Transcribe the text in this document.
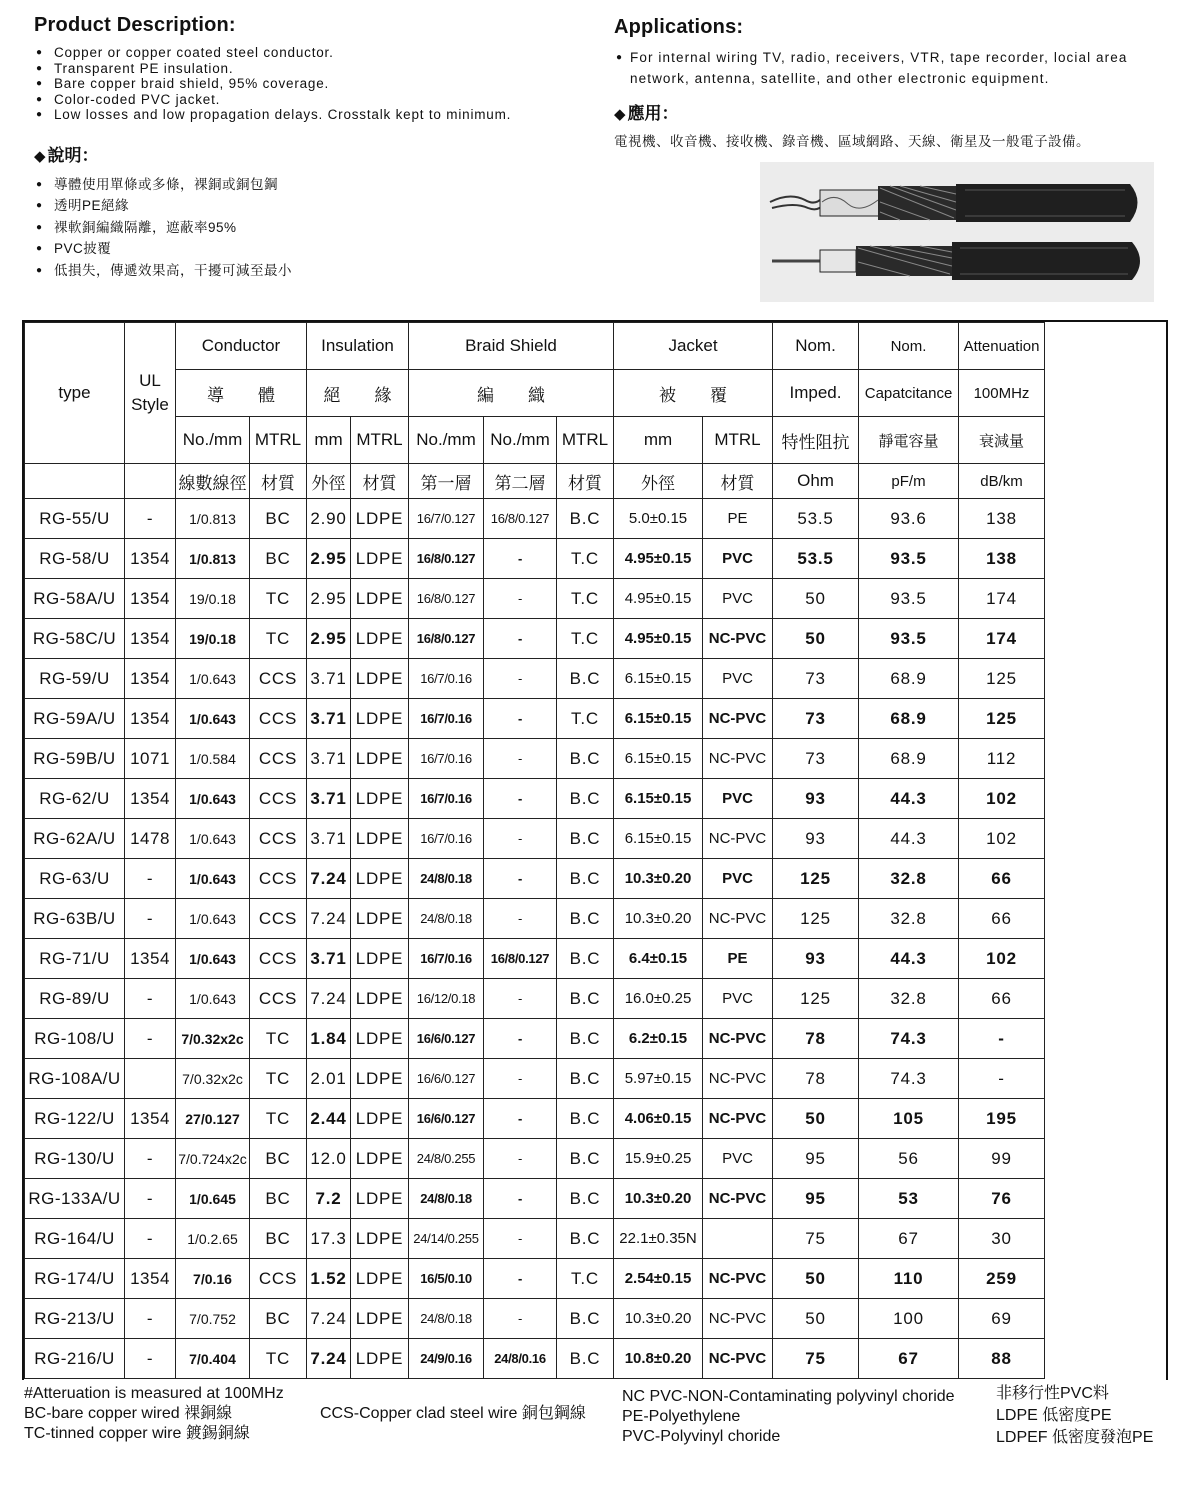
Product Description:
● Copper or copper coated steel conductor.
● Transparent PE insulation.
● Bare copper braid shield, 95% coverage.
● Color-coded PVC jacket.
● Low losses and low propagation delays. Crosstalk kept to minimum.
◆ 說明：
● 導體使用單條或多條，裸銅或銅包鋼
● 透明PE絕緣
● 裸軟銅編織隔離，遮蔽率95%
● PVC披覆
● 低損失，傳遞效果高，干擾可減至最小
Applications:
● For internal wiring TV, radio, receivers, VTR, tape recorder, locial area network, antenna, satellite, and other electronic equipment.
◆ 應用：
電視機、收音機、接收機、錄音機、區域網路、天線、衛星及一般電子設備。
type	UL Style	Conductor		Insulation		Braid Shield			Jacket		Nom.	Nom.	Attenuation
		導　　體		絕　　緣		編　　織			被　　覆		Imped.	Capatcitance	100MHz
		No./mm	MTRL	mm	MTRL	No./mm	No./mm	MTRL	mm	MTRL	特性阻抗	靜電容量	衰減量
		線數線徑	材質	外徑	材質	第一層	第二層	材質	外徑	材質	Ohm	pF/m	dB/km
RG-55/U	-	1/0.813	BC	2.90	LDPE	16/7/0.127	16/8/0.127	B.C	5.0±0.15	PE	53.5	93.6	138
RG-58/U	1354	1/0.813	BC	2.95	LDPE	16/8/0.127	-	T.C	4.95±0.15	PVC	53.5	93.5	138
RG-58A/U	1354	19/0.18	TC	2.95	LDPE	16/8/0.127	-	T.C	4.95±0.15	PVC	50	93.5	174
RG-58C/U	1354	19/0.18	TC	2.95	LDPE	16/8/0.127	-	T.C	4.95±0.15	NC-PVC	50	93.5	174
RG-59/U	1354	1/0.643	CCS	3.71	LDPE	16/7/0.16	-	B.C	6.15±0.15	PVC	73	68.9	125
RG-59A/U	1354	1/0.643	CCS	3.71	LDPE	16/7/0.16	-	T.C	6.15±0.15	NC-PVC	73	68.9	125
RG-59B/U	1071	1/0.584	CCS	3.71	LDPE	16/7/0.16	-	B.C	6.15±0.15	NC-PVC	73	68.9	112
RG-62/U	1354	1/0.643	CCS	3.71	LDPE	16/7/0.16	-	B.C	6.15±0.15	PVC	93	44.3	102
RG-62A/U	1478	1/0.643	CCS	3.71	LDPE	16/7/0.16	-	B.C	6.15±0.15	NC-PVC	93	44.3	102
RG-63/U	-	1/0.643	CCS	7.24	LDPE	24/8/0.18	-	B.C	10.3±0.20	PVC	125	32.8	66
RG-63B/U	-	1/0.643	CCS	7.24	LDPE	24/8/0.18	-	B.C	10.3±0.20	NC-PVC	125	32.8	66
RG-71/U	1354	1/0.643	CCS	3.71	LDPE	16/7/0.16	16/8/0.127	B.C	6.4±0.15	PE	93	44.3	102
RG-89/U	-	1/0.643	CCS	7.24	LDPE	16/12/0.18	-	B.C	16.0±0.25	PVC	125	32.8	66
RG-108/U	-	7/0.32x2c	TC	1.84	LDPE	16/6/0.127	-	B.C	6.2±0.15	NC-PVC	78	74.3	-
RG-108A/U		7/0.32x2c	TC	2.01	LDPE	16/6/0.127	-	B.C	5.97±0.15	NC-PVC	78	74.3	-
RG-122/U	1354	27/0.127	TC	2.44	LDPE	16/6/0.127	-	B.C	4.06±0.15	NC-PVC	50	105	195
RG-130/U	-	7/0.724x2c	BC	12.0	LDPE	24/8/0.255	-	B.C	15.9±0.25	PVC	95	56	99
RG-133A/U	-	1/0.645	BC	7.2	LDPE	24/8/0.18	-	B.C	10.3±0.20	NC-PVC	95	53	76
RG-164/U	-	1/0.2.65	BC	17.3	LDPE	24/14/0.255	-	B.C	22.1±0.35N		75	67	30
RG-174/U	1354	7/0.16	CCS	1.52	LDPE	16/5/0.10	-	T.C	2.54±0.15	NC-PVC	50	110	259
RG-213/U	-	7/0.752	BC	7.24	LDPE	24/8/0.18	-	B.C	10.3±0.20	NC-PVC	50	100	69
RG-216/U	-	7/0.404	TC	7.24	LDPE	24/9/0.16	24/8/0.16	B.C	10.8±0.20	NC-PVC	75	67	88
#Atteruation is measured at 100MHz
BC-bare copper wired 裸銅線
TC-tinned copper wire 鍍錫銅線
CCS-Copper clad steel wire 銅包鋼線
NC PVC-NON-Contaminating polyvinyl choride
PE-Polyethylene
PVC-Polyvinyl choride
非移行性PVC料
LDPE 低密度PE
LDPEF 低密度發泡PE
